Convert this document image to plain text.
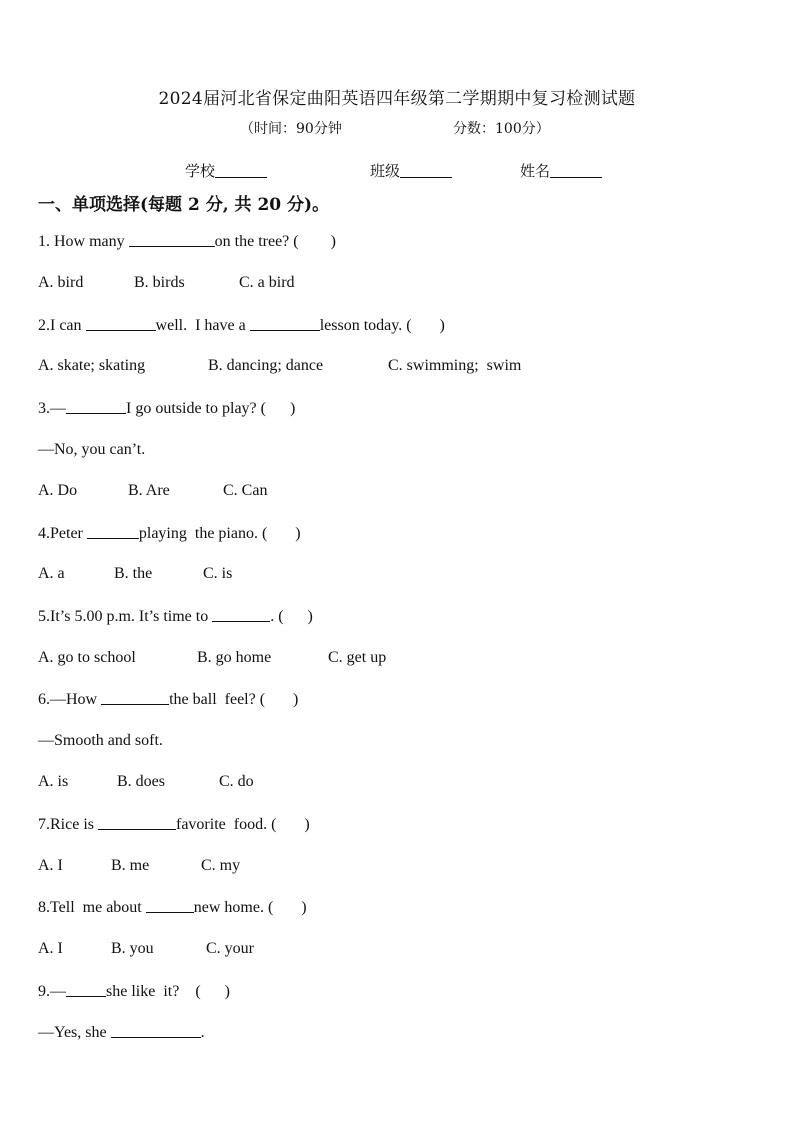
2024届河北省保定曲阳英语四年级第二学期期中复习检测试题
（时间：90分钟	分数：100分）
学校	班级	姓名
一、单项选择(每题 2 分, 共 20 分)。
1. How many	on the tree? (        )
A. bird	B. birds	C. a bird
2.I can	well.  I have a	lesson today. (       )
A. skate; skating	B. dancing; dance	C. swimming;  swim
3.—	I go outside to play? (      )
—No, you can’t.
A. Do	B. Are	C. Can
4.Peter	playing  the piano. (       )
A. a	B. the	C. is
5.It’s 5.00 p.m. It’s time to	. (      )
A. go to school	B. go home	C. get up
6.—How	the ball  feel? (       )
—Smooth and soft.
A. is	B. does	C. do
7.Rice is	favorite  food. (       )
A. I	B. me	C. my
8.Tell  me about	new home. (       )
A. I	B. you	C. your
9.—	she like  it?    (      )
—Yes, she	.
